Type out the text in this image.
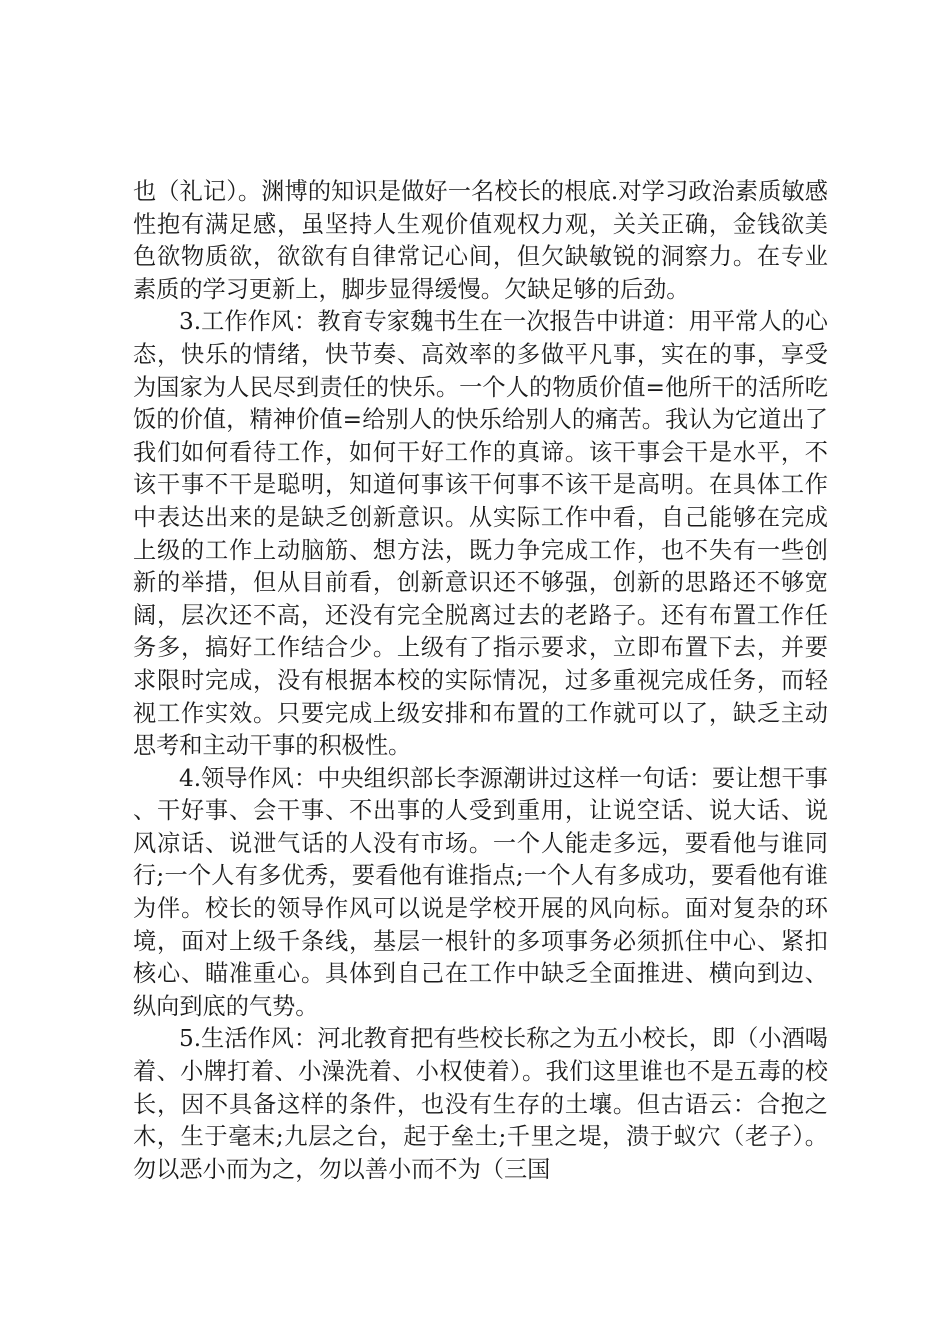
也（礼记）。渊博的知识是做好一名校长的根底.对学习政治素质敏感性抱有满足感，虽坚持人生观价值观权力观，关关正确，金钱欲美色欲物质欲，欲欲有自律常记心间，但欠缺敏锐的洞察力。在专业素质的学习更新上，脚步显得缓慢。欠缺足够的后劲。

3.工作作风：教育专家魏书生在一次报告中讲道：用平常人的心态，快乐的情绪，快节奏、高效率的多做平凡事，实在的事，享受为国家为人民尽到责任的快乐。一个人的物质价值=他所干的活所吃饭的价值，精神价值=给别人的快乐给别人的痛苦。我认为它道出了我们如何看待工作，如何干好工作的真谛。该干事会干是水平，不该干事不干是聪明，知道何事该干何事不该干是高明。在具体工作中表达出来的是缺乏创新意识。从实际工作中看，自己能够在完成上级的工作上动脑筋、想方法，既力争完成工作，也不失有一些创新的举措，但从目前看，创新意识还不够强，创新的思路还不够宽阔，层次还不高，还没有完全脱离过去的老路子。还有布置工作任务多，搞好工作结合少。上级有了指示要求，立即布置下去，并要求限时完成，没有根据本校的实际情况，过多重视完成任务，而轻视工作实效。只要完成上级安排和布置的工作就可以了，缺乏主动思考和主动干事的积极性。

4.领导作风：中央组织部长李源潮讲过这样一句话：要让想干事、干好事、会干事、不出事的人受到重用，让说空话、说大话、说风凉话、说泄气话的人没有市场。一个人能走多远，要看他与谁同行;一个人有多优秀，要看他有谁指点;一个人有多成功，要看他有谁为伴。校长的领导作风可以说是学校开展的风向标。面对复杂的环境，面对上级千条线，基层一根针的多项事务必须抓住中心、紧扣核心、瞄准重心。具体到自己在工作中缺乏全面推进、横向到边、纵向到底的气势。

5.生活作风：河北教育把有些校长称之为五小校长，即（小酒喝着、小牌打着、小澡洗着、小权使着）。我们这里谁也不是五毒的校长，因不具备这样的条件，也没有生存的土壤。但古语云：合抱之木，生于毫末;九层之台，起于垒土;千里之堤，溃于蚁穴（老子）。勿以恶小而为之，勿以善小而不为（三国
